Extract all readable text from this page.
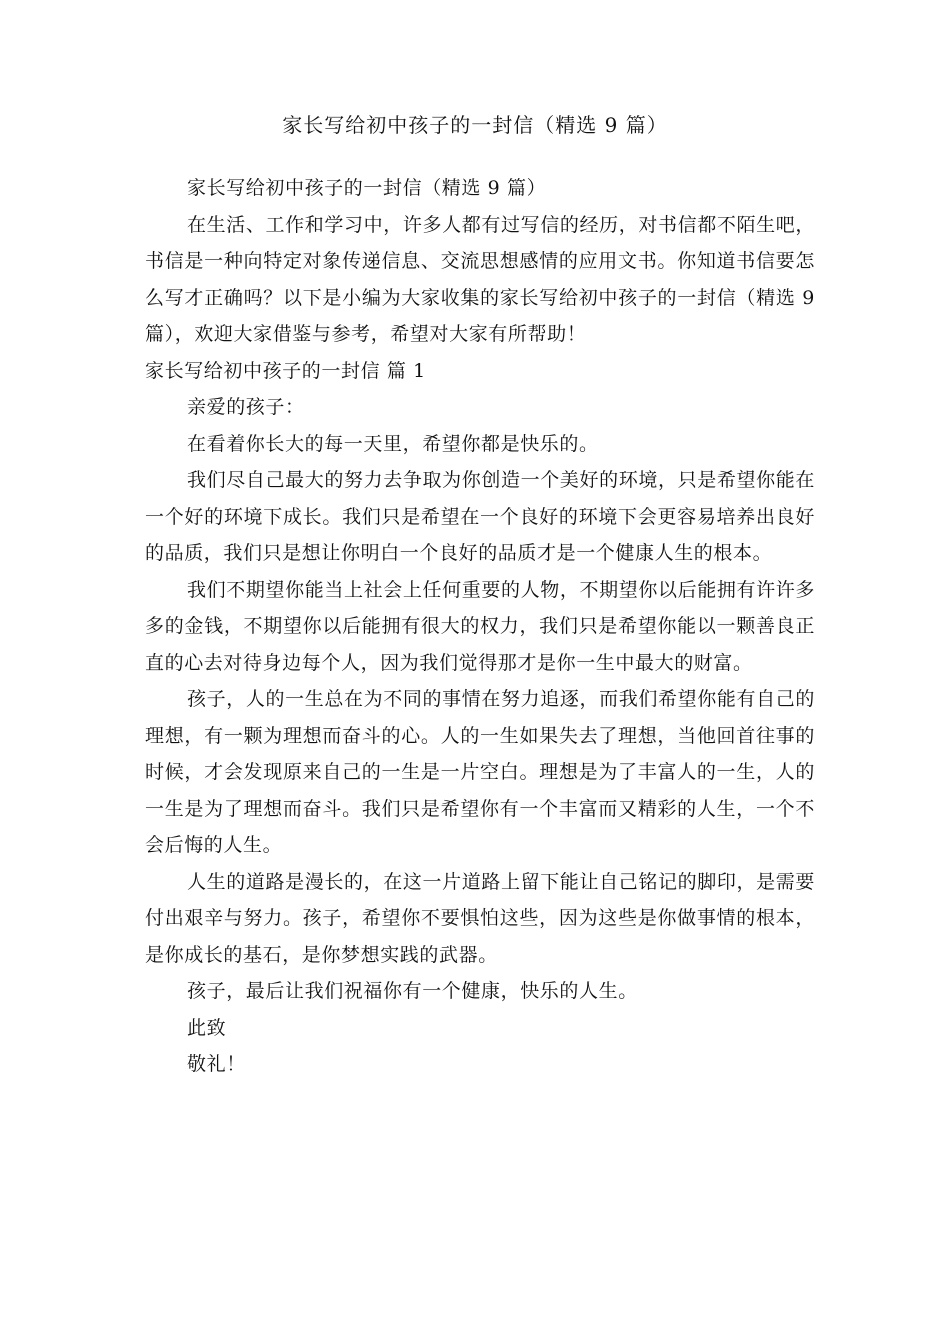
家长写给初中孩子的一封信（精选 9 篇）

家长写给初中孩子的一封信（精选 9 篇）

在生活、工作和学习中，许多人都有过写信的经历，对书信都不陌生吧，书信是一种向特定对象传递信息、交流思想感情的应用文书。你知道书信要怎么写才正确吗？以下是小编为大家收集的家长写给初中孩子的一封信（精选 9 篇），欢迎大家借鉴与参考，希望对大家有所帮助！

家长写给初中孩子的一封信 篇 1

亲爱的孩子：

在看着你长大的每一天里，希望你都是快乐的。

我们尽自己最大的努力去争取为你创造一个美好的环境，只是希望你能在一个好的环境下成长。我们只是希望在一个良好的环境下会更容易培养出良好的品质，我们只是想让你明白一个良好的品质才是一个健康人生的根本。

我们不期望你能当上社会上任何重要的人物，不期望你以后能拥有许许多多的金钱，不期望你以后能拥有很大的权力，我们只是希望你能以一颗善良正直的心去对待身边每个人，因为我们觉得那才是你一生中最大的财富。

孩子，人的一生总在为不同的事情在努力追逐，而我们希望你能有自己的理想，有一颗为理想而奋斗的心。人的一生如果失去了理想，当他回首往事的时候，才会发现原来自己的一生是一片空白。理想是为了丰富人的一生，人的一生是为了理想而奋斗。我们只是希望你有一个丰富而又精彩的人生，一个不会后悔的人生。

人生的道路是漫长的，在这一片道路上留下能让自己铭记的脚印，是需要付出艰辛与努力。孩子，希望你不要惧怕这些，因为这些是你做事情的根本，是你成长的基石，是你梦想实践的武器。

孩子，最后让我们祝福你有一个健康，快乐的人生。

此致

敬礼！
